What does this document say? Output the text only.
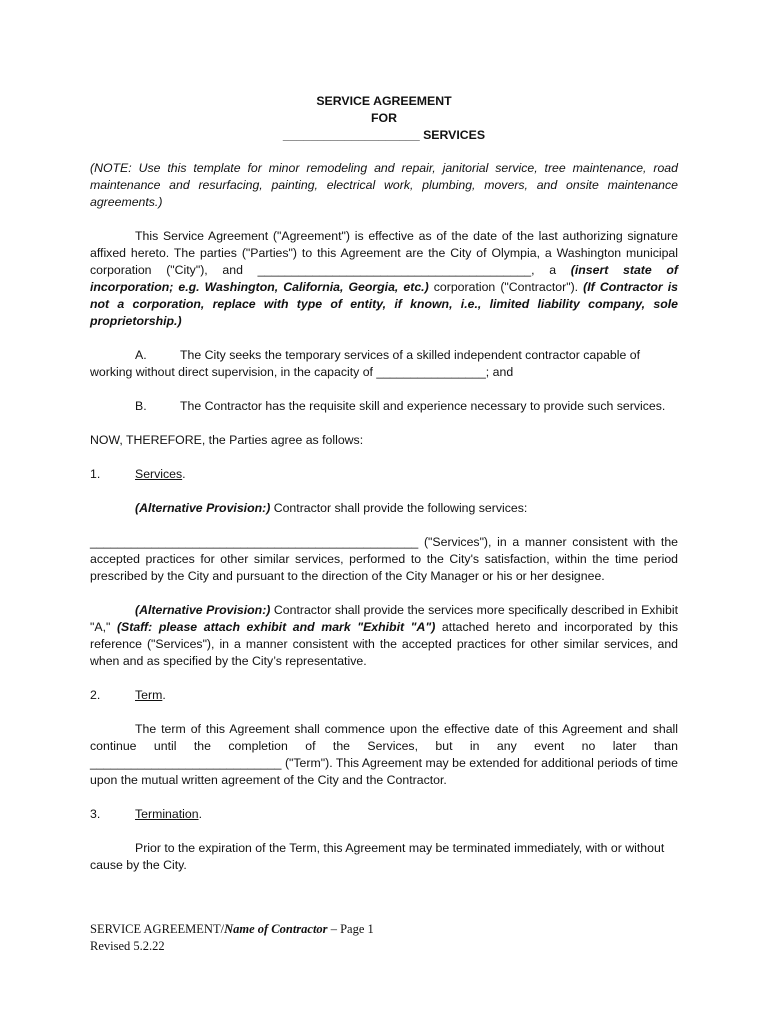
SERVICE AGREEMENT
FOR
____________________ SERVICES

(NOTE: Use this template for minor remodeling and repair, janitorial service, tree maintenance, road maintenance and resurfacing, painting, electrical work, plumbing, movers, and onsite maintenance agreements.)

This Service Agreement ("Agreement") is effective as of the date of the last authorizing signature affixed hereto. The parties ("Parties") to this Agreement are the City of Olympia, a Washington municipal corporation ("City"), and ________________________________________, a (insert state of incorporation; e.g. Washington, California, Georgia, etc.) corporation ("Contractor"). (If Contractor is not a corporation, replace with type of entity, if known, i.e., limited liability company, sole proprietorship.)

A.	The City seeks the temporary services of a skilled independent contractor capable of working without direct supervision, in the capacity of ________________; and

B.	The Contractor has the requisite skill and experience necessary to provide such services.

NOW, THEREFORE, the Parties agree as follows:

1.	Services.

(Alternative Provision:) Contractor shall provide the following services:

________________________________________________ ("Services"), in a manner consistent with the accepted practices for other similar services, performed to the City's satisfaction, within the time period prescribed by the City and pursuant to the direction of the City Manager or his or her designee.

(Alternative Provision:) Contractor shall provide the services more specifically described in Exhibit "A," (Staff: please attach exhibit and mark "Exhibit "A") attached hereto and incorporated by this reference ("Services"), in a manner consistent with the accepted practices for other similar services, and when and as specified by the City’s representative.

2.	Term.

The term of this Agreement shall commence upon the effective date of this Agreement and shall continue until the completion of the Services, but in any event no later than ____________________________ ("Term"). This Agreement may be extended for additional periods of time upon the mutual written agreement of the City and the Contractor.

3.	Termination.

Prior to the expiration of the Term, this Agreement may be terminated immediately, with or without cause by the City.

SERVICE AGREEMENT/Name of Contractor – Page 1
Revised 5.2.22
